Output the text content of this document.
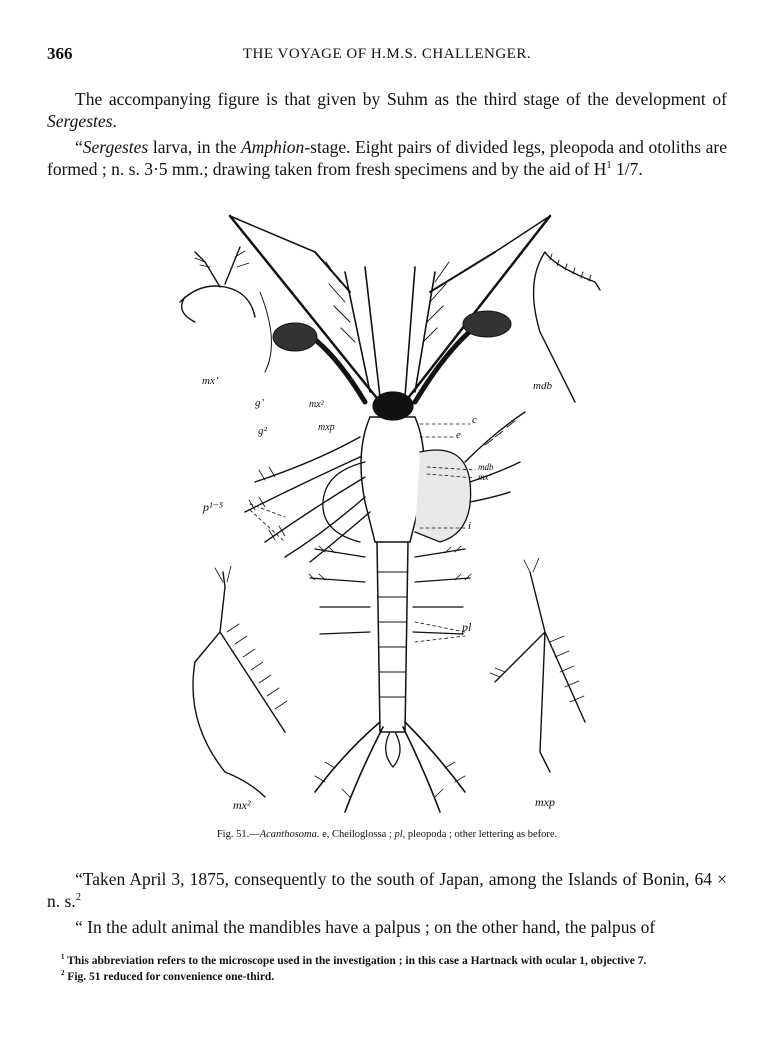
366	THE VOYAGE OF H.M.S. CHALLENGER.

The accompanying figure is that given by Suhm as the third stage of the development of Sergestes.

“Sergestes larva, in the Amphion-stage. Eight pairs of divided legs, pleopoda and otoliths are formed ; n. s. 3·5 mm.; drawing taken from fresh specimens and by the aid of $H^1$ 1/7.

mx’	mdb
g’
g²
mx²
mxp
c
e
mdb
mx’
p¹⁻⁵
i
pl
mx²	mxp
Fig. 51.—Acanthosoma. e, Cheiloglossa ; pl, pleopoda ; other lettering as before.

“Taken April 3, 1875, consequently to the south of Japan, among the Islands of Bonin, 64 × n. s.$^2$

“ In the adult animal the mandibles have a palpus ; on the other hand, the palpus of

$^1$ This abbreviation refers to the microscope used in the investigation ; in this case a Hartnack with ocular 1, objective 7.

$^2$ Fig. 51 reduced for convenience one-third.
